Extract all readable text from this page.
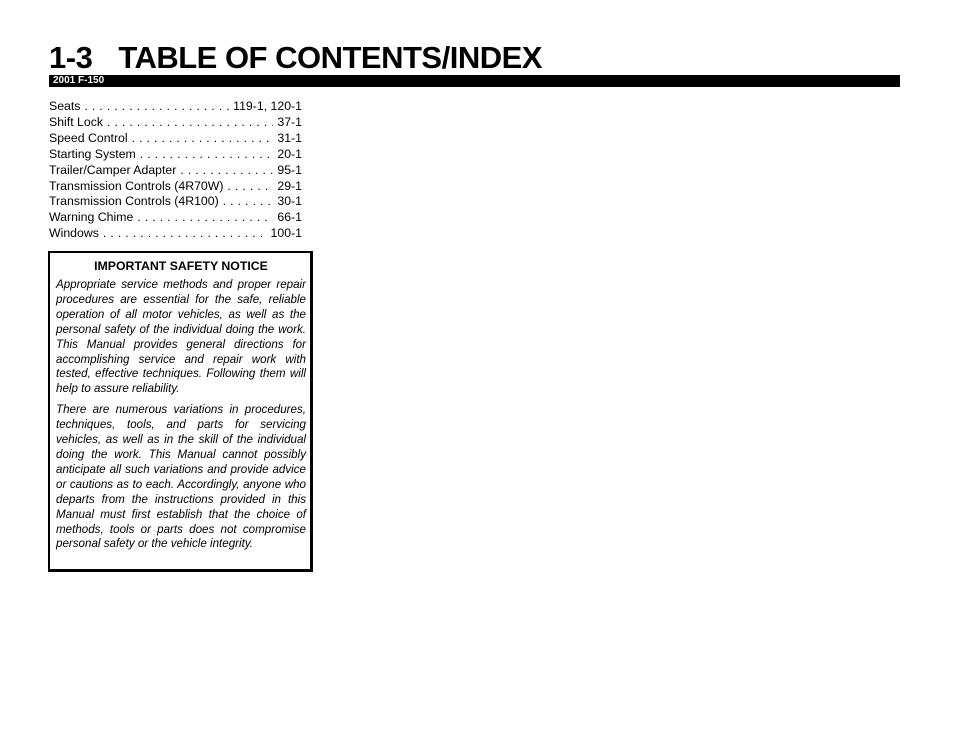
1-3 TABLE OF CONTENTS/INDEX
2001 F-150
Seats . . .	119-1, 120-1
Shift Lock . . .	37-1
Speed Control . . .	31-1
Starting System . . .	20-1
Trailer/Camper Adapter . . .	95-1
Transmission Controls (4R70W) . . .	29-1
Transmission Controls (4R100) . . .	30-1
Warning Chime . . .	66-1
Windows . . .	100-1
IMPORTANT SAFETY NOTICE

Appropriate service methods and proper repair procedures are essential for the safe, reliable operation of all motor vehicles, as well as the personal safety of the individual doing the work. This Manual provides general directions for accomplishing service and repair work with tested, effective techniques. Following them will help to assure reliability.

There are numerous variations in procedures, techniques, tools, and parts for servicing vehicles, as well as in the skill of the individual doing the work. This Manual cannot possibly anticipate all such variations and provide advice or cautions as to each. Accordingly, anyone who departs from the instructions provided in this Manual must first establish that the choice of methods, tools or parts does not compromise personal safety or the vehicle integrity.
